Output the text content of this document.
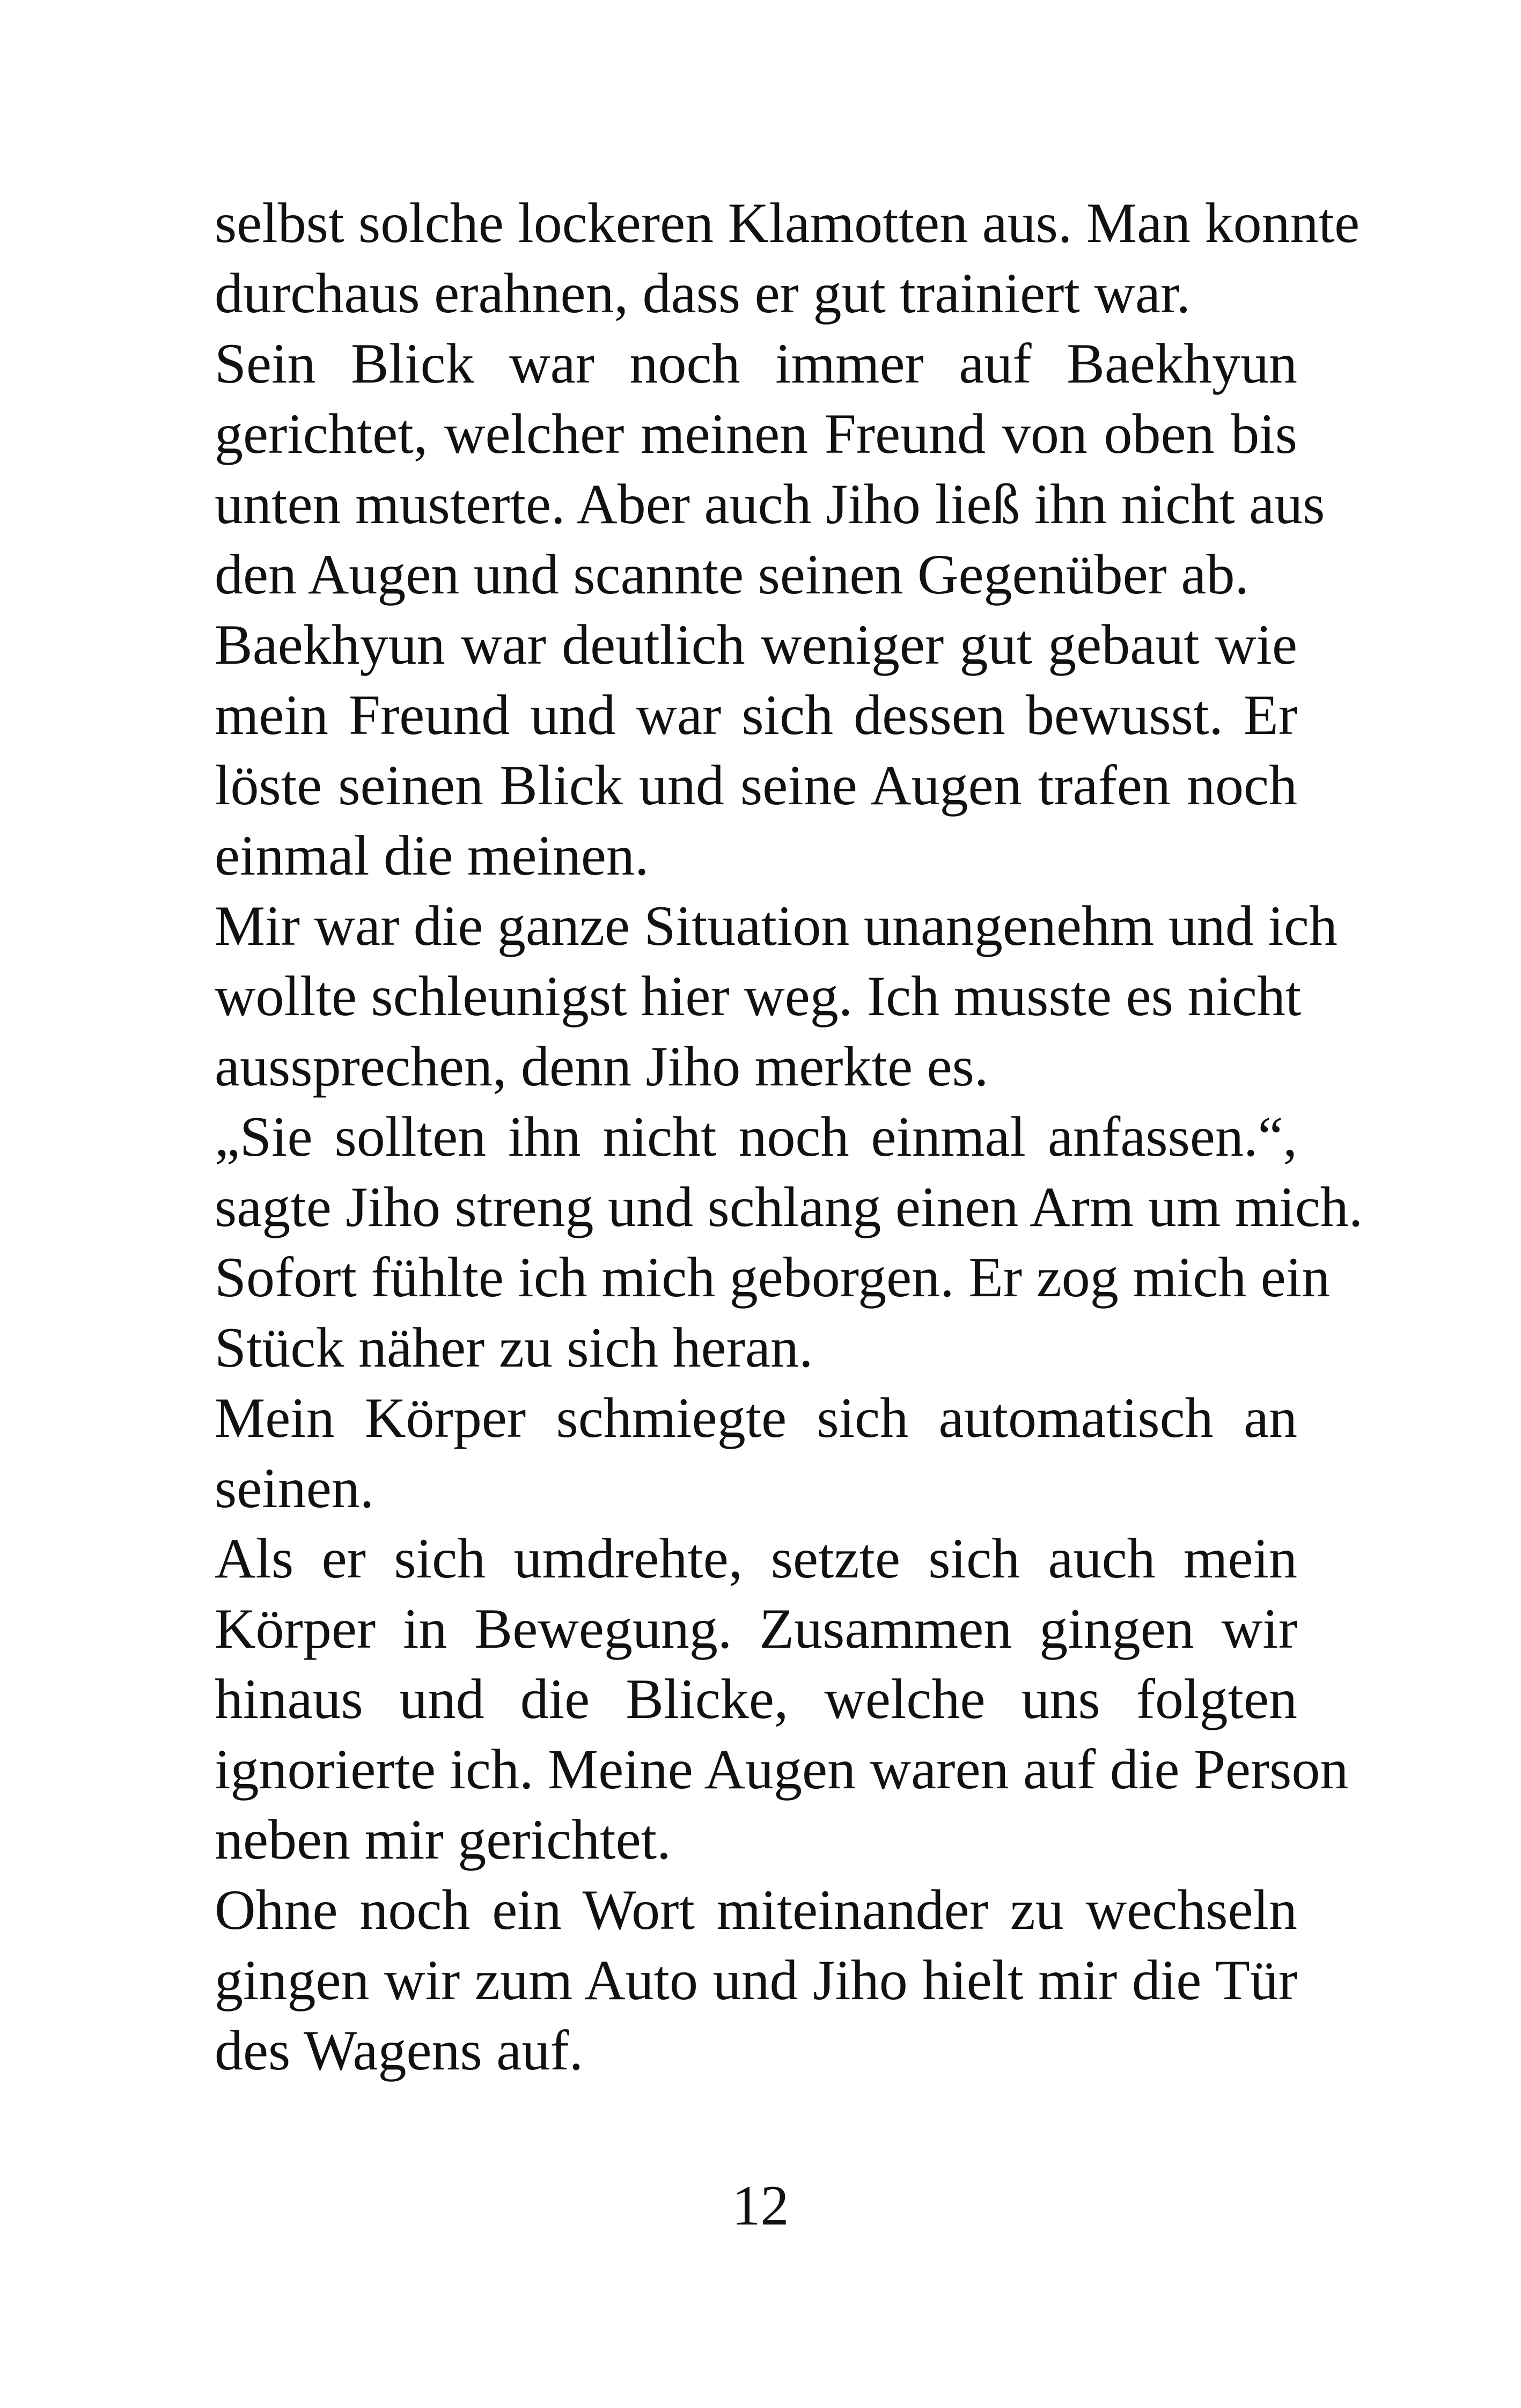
selbst solche lockeren Klamotten aus. Man konnte
durchaus erahnen, dass er gut trainiert war.
Sein Blick war noch immer auf Baekhyun
gerichtet, welcher meinen Freund von oben bis
unten musterte. Aber auch Jiho ließ ihn nicht aus
den Augen und scannte seinen Gegenüber ab.
Baekhyun war deutlich weniger gut gebaut wie
mein Freund und war sich dessen bewusst. Er
löste seinen Blick und seine Augen trafen noch
einmal die meinen.
Mir war die ganze Situation unangenehm und ich
wollte schleunigst hier weg. Ich musste es nicht
aussprechen, denn Jiho merkte es.
„Sie sollten ihn nicht noch einmal anfassen.“,
sagte Jiho streng und schlang einen Arm um mich.
Sofort fühlte ich mich geborgen. Er zog mich ein
Stück näher zu sich heran.
Mein Körper schmiegte sich automatisch an
seinen.
Als er sich umdrehte, setzte sich auch mein
Körper in Bewegung. Zusammen gingen wir
hinaus und die Blicke, welche uns folgten
ignorierte ich. Meine Augen waren auf die Person
neben mir gerichtet.
Ohne noch ein Wort miteinander zu wechseln
gingen wir zum Auto und Jiho hielt mir die Tür
des Wagens auf.
12
